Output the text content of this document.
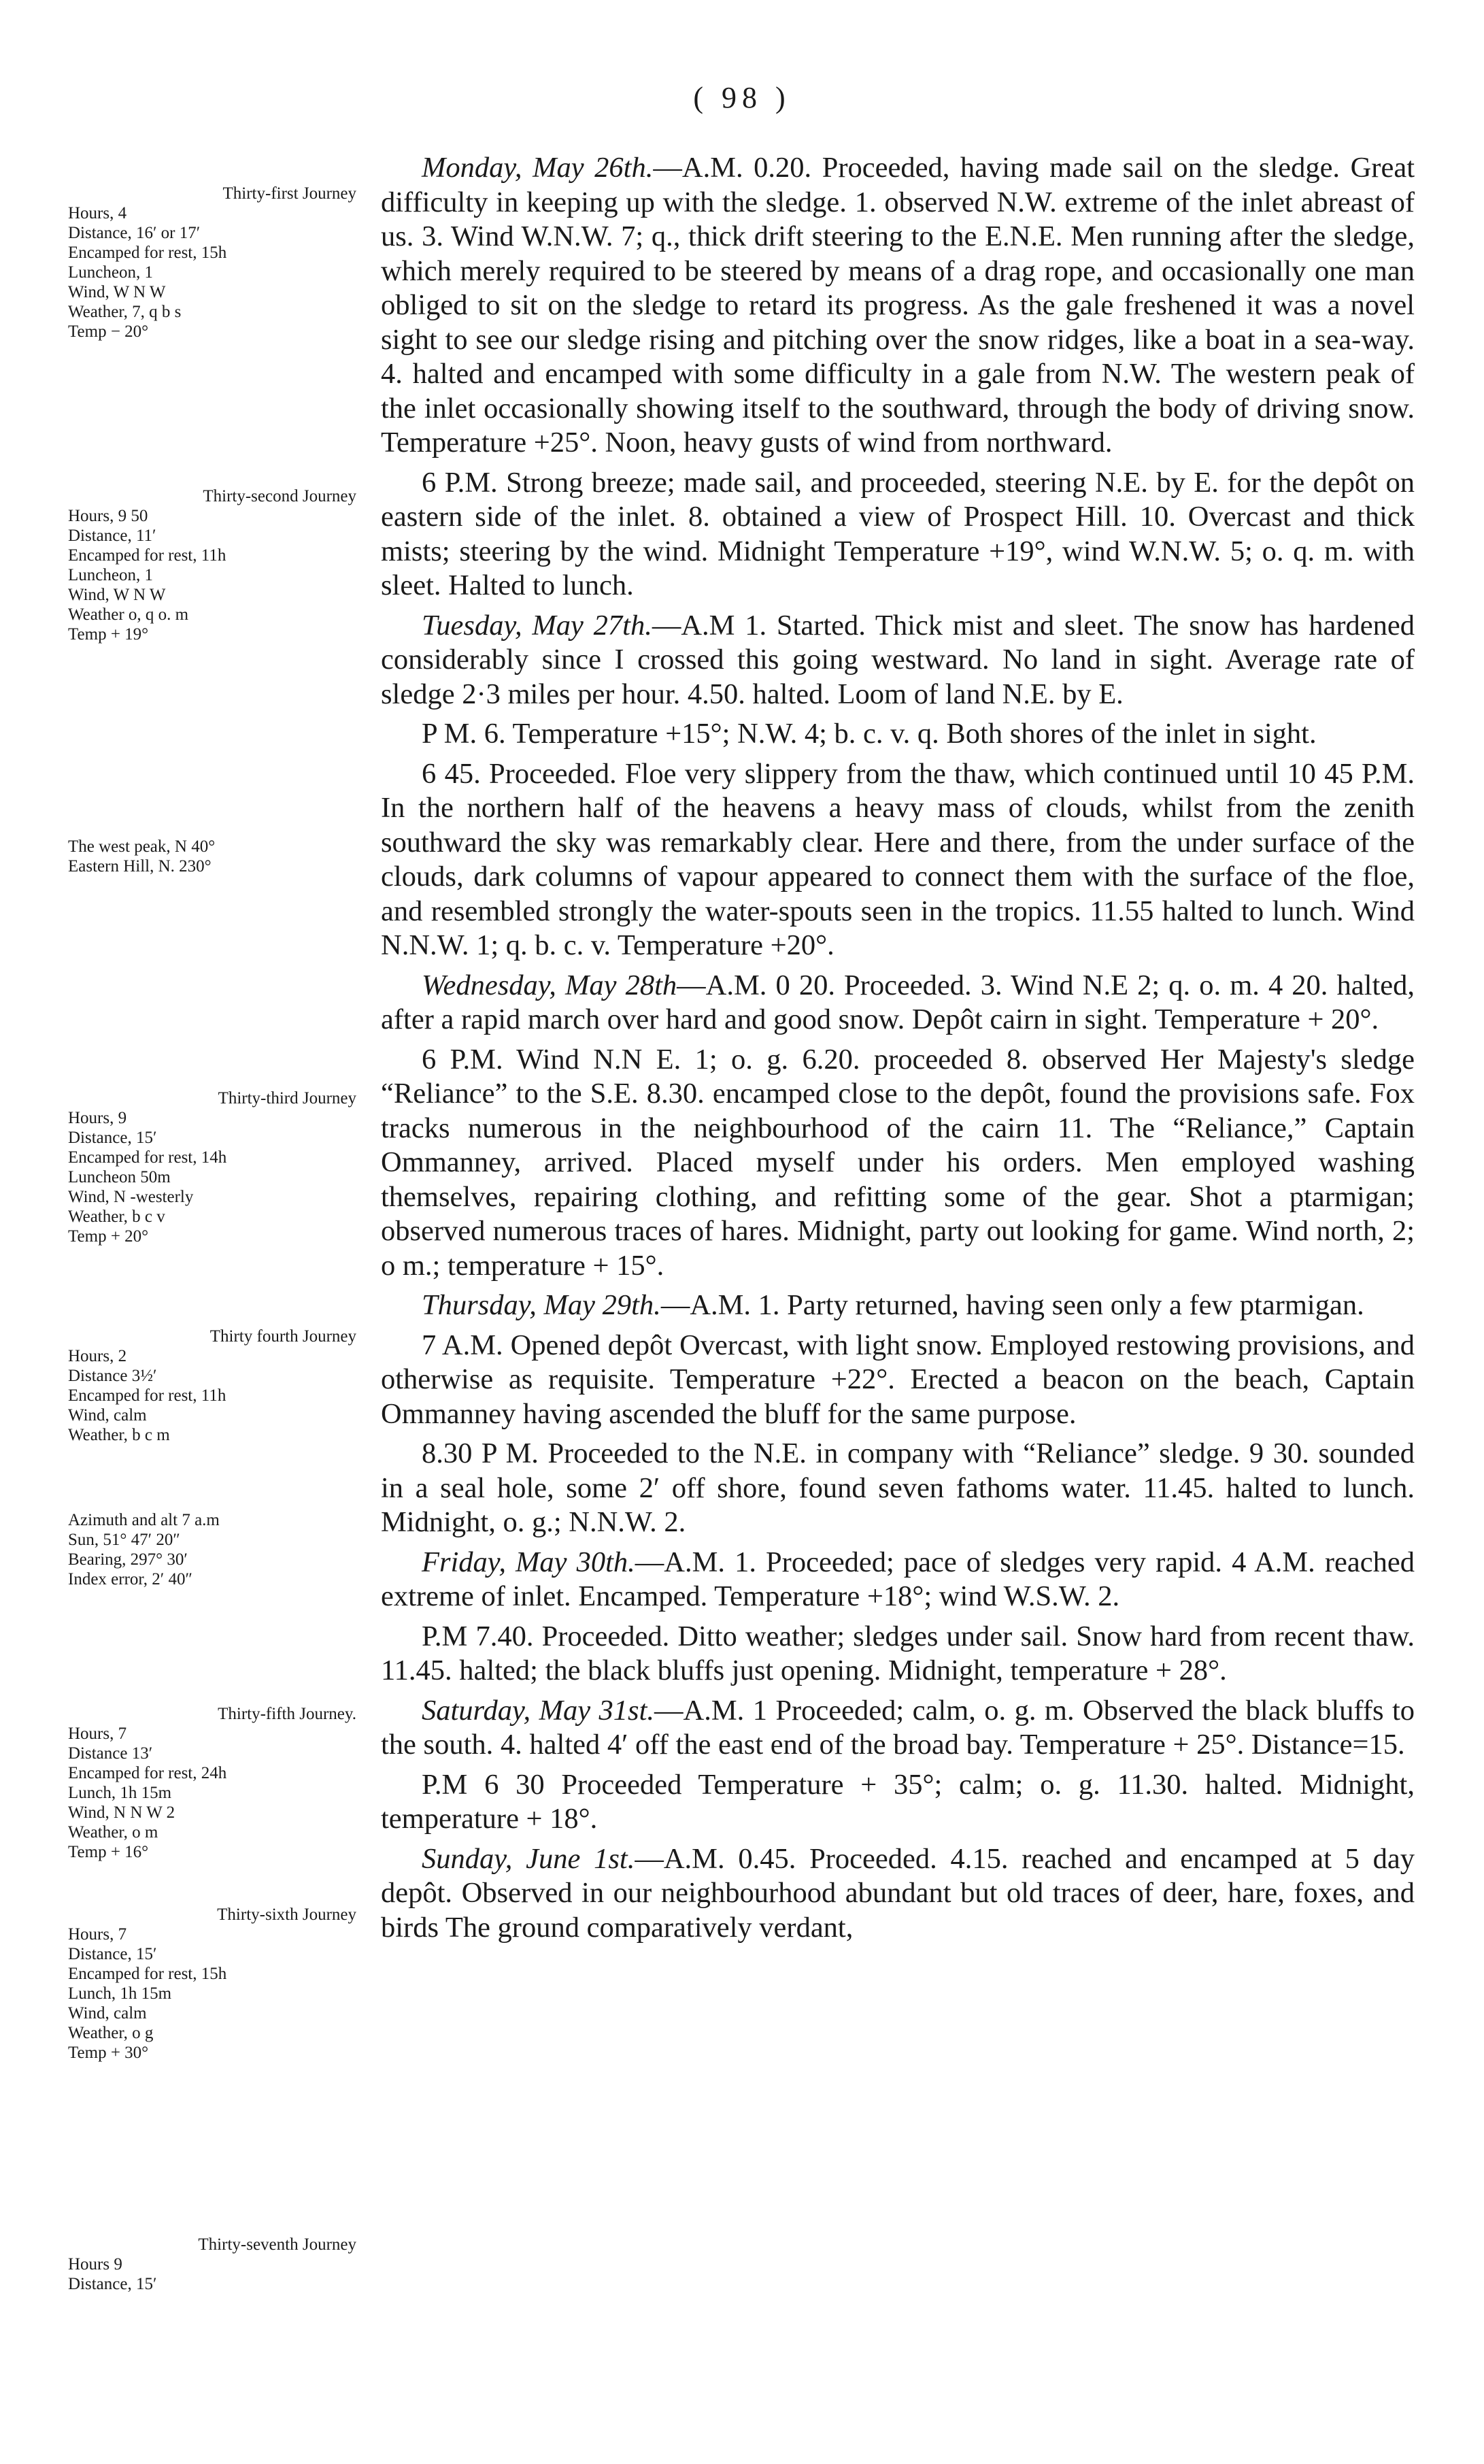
( 98 )
Thirty-first Journey
Hours, 4
Distance, 16′ or 17′
Encamped for rest, 15h
Luncheon, 1
Wind, W N W
Weather, 7, q b s
Temp − 20°
Thirty-second Journey
Hours, 9 50
Distance, 11′
Encamped for rest, 11h
Luncheon, 1
Wind, W N W
Weather o, q o. m
Temp + 19°
The west peak, N 40°
Eastern Hill, N. 230°
Thirty-third Journey
Hours, 9
Distance, 15′
Encamped for rest, 14h
Luncheon 50m
Wind, N -westerly
Weather, b c v
Temp + 20°
Thirty fourth Journey
Hours, 2
Distance 3½′
Encamped for rest, 11h
Wind, calm
Weather, b c m
Azimuth and alt 7 a.m
Sun, 51° 47′ 20″
Bearing, 297° 30′
Index error, 2′ 40″
Thirty-fifth Journey.
Hours, 7
Distance 13′
Encamped for rest, 24h
Lunch, 1h 15m
Wind, N N W 2
Weather, o m
Temp + 16°
Thirty-sixth Journey
Hours, 7
Distance, 15′
Encamped for rest, 15h
Lunch, 1h 15m
Wind, calm
Weather, o g
Temp + 30°
Thirty-seventh Journey
Hours 9
Distance, 15′

Monday, May 26th.—A.M. 0.20. Proceeded, having made sail on the sledge. Great difficulty in keeping up with the sledge. 1. observed N.W. extreme of the inlet abreast of us. 3. Wind W.N.W. 7; q., thick drift steering to the E.N.E. Men running after the sledge, which merely required to be steered by means of a drag rope, and occasionally one man obliged to sit on the sledge to retard its progress. As the gale freshened it was a novel sight to see our sledge rising and pitching over the snow ridges, like a boat in a sea-way. 4. halted and encamped with some difficulty in a gale from N.W. The western peak of the inlet occasionally showing itself to the southward, through the body of driving snow. Temperature +25°. Noon, heavy gusts of wind from northward.

6 P.M. Strong breeze; made sail, and proceeded, steering N.E. by E. for the depôt on eastern side of the inlet. 8. obtained a view of Prospect Hill. 10. Overcast and thick mists; steering by the wind. Midnight Temperature +19°, wind W.N.W. 5; o. q. m. with sleet. Halted to lunch.

Tuesday, May 27th.—A.M 1. Started. Thick mist and sleet. The snow has hardened considerably since I crossed this going westward. No land in sight. Average rate of sledge 2·3 miles per hour. 4.50. halted. Loom of land N.E. by E.

P M. 6. Temperature +15°; N.W. 4; b. c. v. q. Both shores of the inlet in sight.

6 45. Proceeded. Floe very slippery from the thaw, which continued until 10 45 P.M. In the northern half of the heavens a heavy mass of clouds, whilst from the zenith southward the sky was remarkably clear. Here and there, from the under surface of the clouds, dark columns of vapour appeared to connect them with the surface of the floe, and resembled strongly the water-spouts seen in the tropics. 11.55 halted to lunch. Wind N.N.W. 1; q. b. c. v. Temperature +20°.

Wednesday, May 28th—A.M. 0 20. Proceeded. 3. Wind N.E 2; q. o. m. 4 20. halted, after a rapid march over hard and good snow. Depôt cairn in sight. Temperature + 20°.

6 P.M. Wind N.N E. 1; o. g. 6.20. proceeded 8. observed Her Majesty's sledge “Reliance” to the S.E. 8.30. encamped close to the depôt, found the provisions safe. Fox tracks numerous in the neighbourhood of the cairn 11. The “Reliance,” Captain Ommanney, arrived. Placed myself under his orders. Men employed washing themselves, repairing clothing, and refitting some of the gear. Shot a ptarmigan; observed numerous traces of hares. Midnight, party out looking for game. Wind north, 2; o m.; temperature + 15°.

Thursday, May 29th.—A.M. 1. Party returned, having seen only a few ptarmigan.

7 A.M. Opened depôt Overcast, with light snow. Employed restowing provisions, and otherwise as requisite. Temperature +22°. Erected a beacon on the beach, Captain Ommanney having ascended the bluff for the same purpose.

8.30 P M. Proceeded to the N.E. in company with “Reliance” sledge. 9 30. sounded in a seal hole, some 2′ off shore, found seven fathoms water. 11.45. halted to lunch. Midnight, o. g.; N.N.W. 2.

Friday, May 30th.—A.M. 1. Proceeded; pace of sledges very rapid. 4 A.M. reached extreme of inlet. Encamped. Temperature +18°; wind W.S.W. 2.

P.M 7.40. Proceeded. Ditto weather; sledges under sail. Snow hard from recent thaw. 11.45. halted; the black bluffs just opening. Midnight, temperature + 28°.

Saturday, May 31st.—A.M. 1 Proceeded; calm, o. g. m. Observed the black bluffs to the south. 4. halted 4′ off the east end of the broad bay. Temperature + 25°. Distance=15.

P.M 6 30 Proceeded Temperature + 35°; calm; o. g. 11.30. halted. Midnight, temperature + 18°.

Sunday, June 1st.—A.M. 0.45. Proceeded. 4.15. reached and encamped at 5 day depôt. Observed in our neighbourhood abundant but old traces of deer, hare, foxes, and birds The ground comparatively verdant,
